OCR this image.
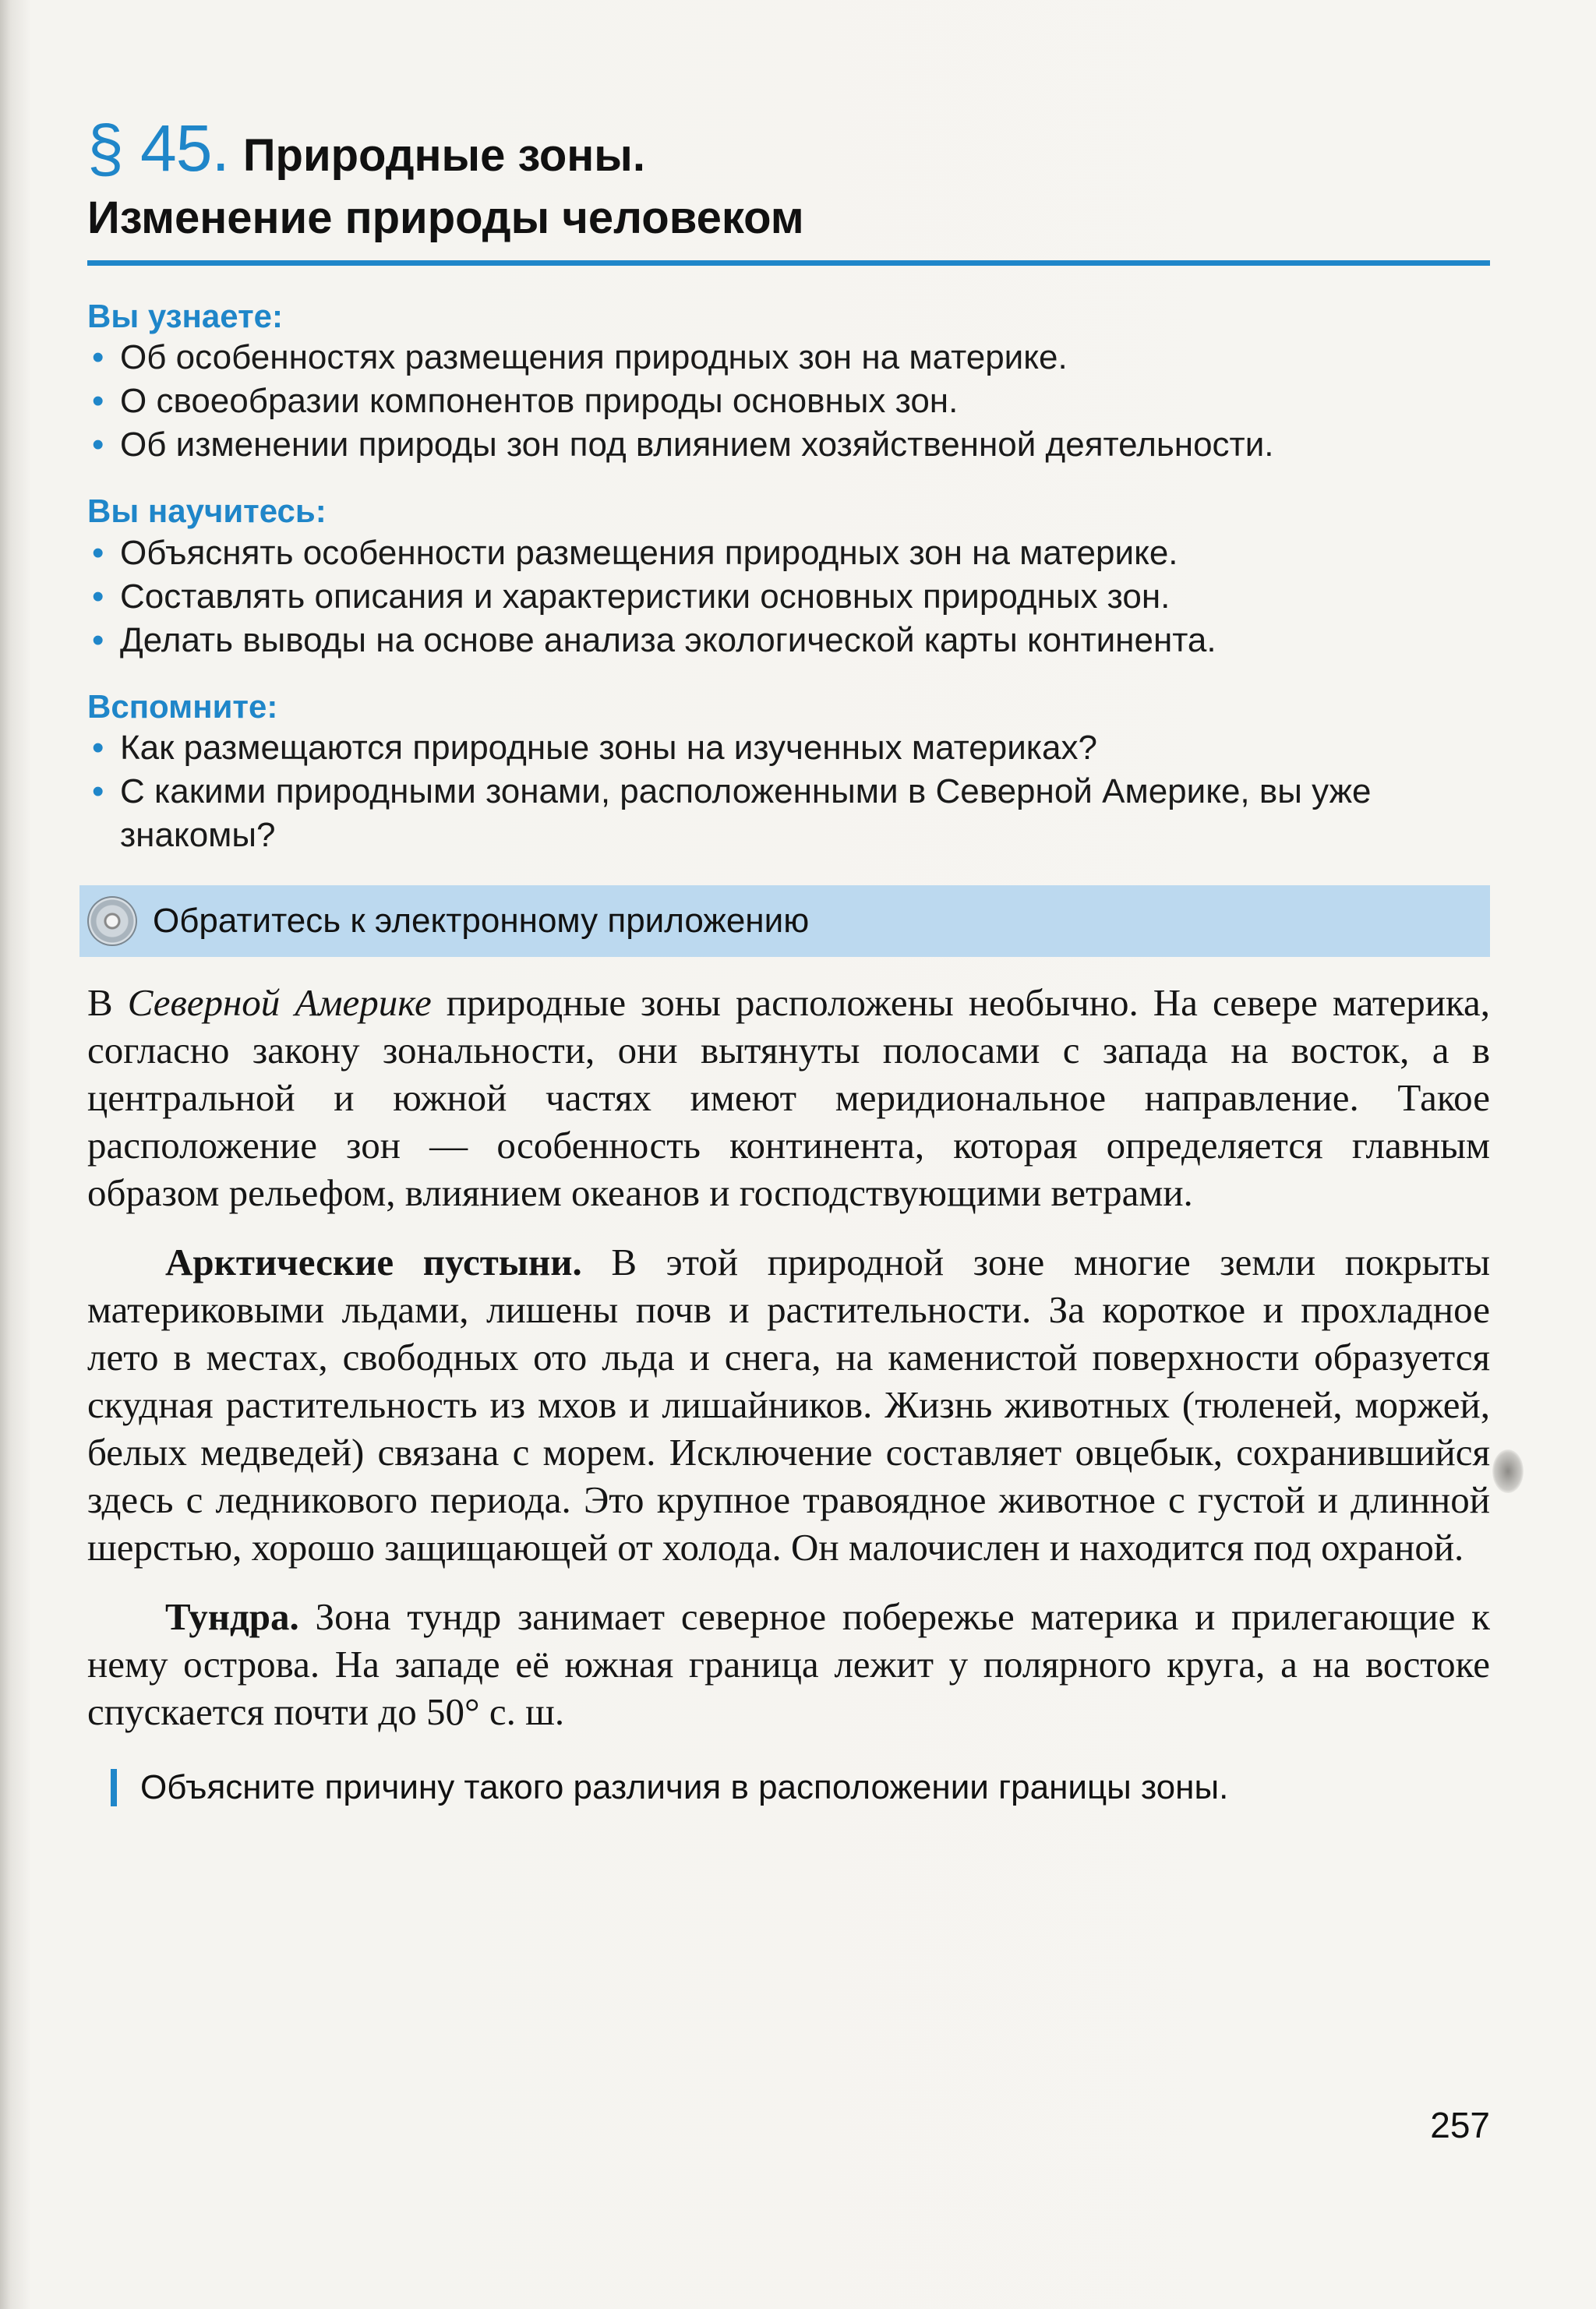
§ 45. Природные зоны.
Изменение природы человеком
Вы узнаете:
• Об особенностях размещения природных зон на материке.
• О своеобразии компонентов природы основных зон.
• Об изменении природы зон под влиянием хозяйственной деятельности.
Вы научитесь:
• Объяснять особенности размещения природных зон на материке.
• Составлять описания и характеристики основных природных зон.
• Делать выводы на основе анализа экологической карты континента.
Вспомните:
• Как размещаются природные зоны на изученных материках?
• С какими природными зонами, расположенными в Северной Америке, вы уже знакомы?
Обратитесь к электронному приложению

В Северной Америке природные зоны расположены необычно. На севере материка, согласно закону зональности, они вытянуты полосами с запада на восток, а в центральной и южной частях имеют меридиональное направление. Такое расположение зон — особенность континента, которая определяется главным образом рельефом, влиянием океанов и господствующими ветрами.

Арктические пустыни. В этой природной зоне многие земли покрыты материковыми льдами, лишены почв и растительности. За короткое и прохладное лето в местах, свободных ото льда и снега, на каменистой поверхности образуется скудная растительность из мхов и лишайников. Жизнь животных (тюленей, моржей, белых медведей) связана с морем. Исключение составляет овцебык, сохранившийся здесь с ледникового периода. Это крупное травоядное животное с густой и длинной шерстью, хорошо защищающей от холода. Он малочислен и находится под охраной.

Тундра. Зона тундр занимает северное побережье материка и прилегающие к нему острова. На западе её южная граница лежит у полярного круга, а на востоке спускается почти до 50° с. ш.

Объясните причину такого различия в расположении границы зоны.
257
